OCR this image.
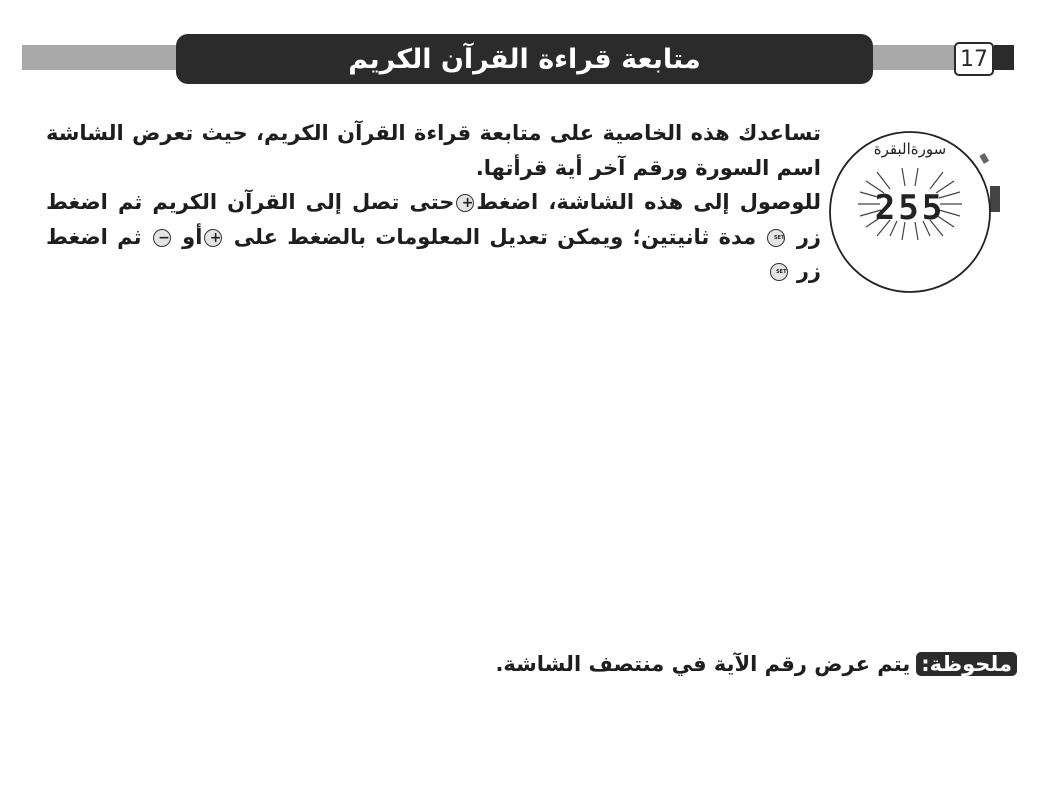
متابعة قراءة القرآن الكريم	17

تساعدك هذه الخاصية على متابعة قراءة القرآن الكريم، حيث تعرض الشاشة اسم السورة ورقم آخر أية قرأتها.

للوصول إلى هذه الشاشة، اضغط+حتى تصل إلى القرآن الكريم ثم اضغط زر SET مدة ثانيتين؛ ويمكن تعديل المعلومات بالضغط على +أو − ثم اضغط زر SET

سورةالبقرة
255
ملحوظة:يتم عرض رقم الآية في منتصف الشاشة.
